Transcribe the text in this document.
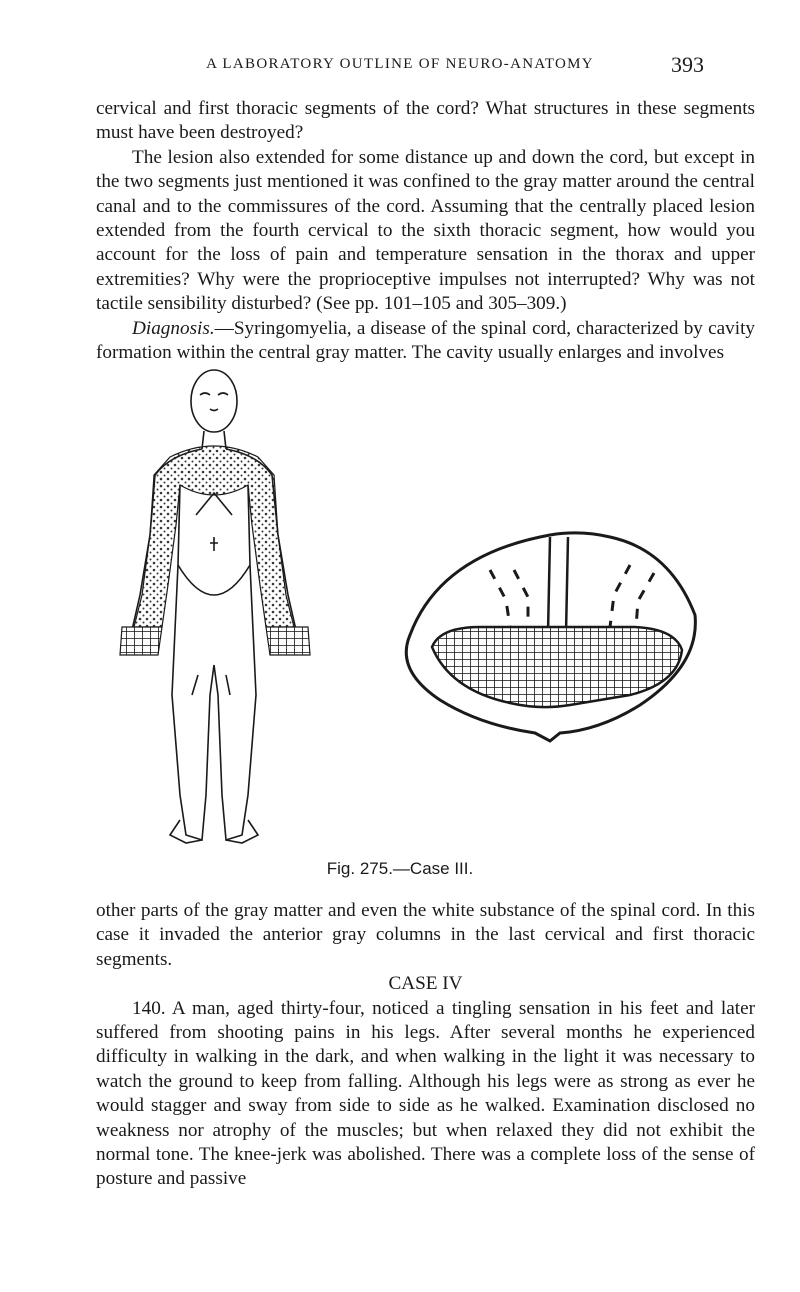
A LABORATORY OUTLINE OF NEURO-ANATOMY	393

cervical and first thoracic segments of the cord? What structures in these segments must have been destroyed?

The lesion also extended for some distance up and down the cord, but except in the two segments just mentioned it was confined to the gray matter around the central canal and to the commissures of the cord. Assuming that the centrally placed lesion extended from the fourth cervical to the sixth thoracic segment, how would you account for the loss of pain and temperature sensation in the thorax and upper extremities? Why were the proprioceptive impulses not interrupted? Why was not tactile sensibility disturbed? (See pp. 101–105 and 305–309.)

Diagnosis.—Syringomyelia, a disease of the spinal cord, characterized by cavity formation within the central gray matter. The cavity usually enlarges and involves

Fig. 275.—Case III.

other parts of the gray matter and even the white substance of the spinal cord. In this case it invaded the anterior gray columns in the last cervical and first thoracic segments.

CASE IV

140. A man, aged thirty-four, noticed a tingling sensation in his feet and later suffered from shooting pains in his legs. After several months he experienced difficulty in walking in the dark, and when walking in the light it was necessary to watch the ground to keep from falling. Although his legs were as strong as ever he would stagger and sway from side to side as he walked. Examination disclosed no weakness nor atrophy of the muscles; but when relaxed they did not exhibit the normal tone. The knee-jerk was abolished. There was a complete loss of the sense of posture and passive
